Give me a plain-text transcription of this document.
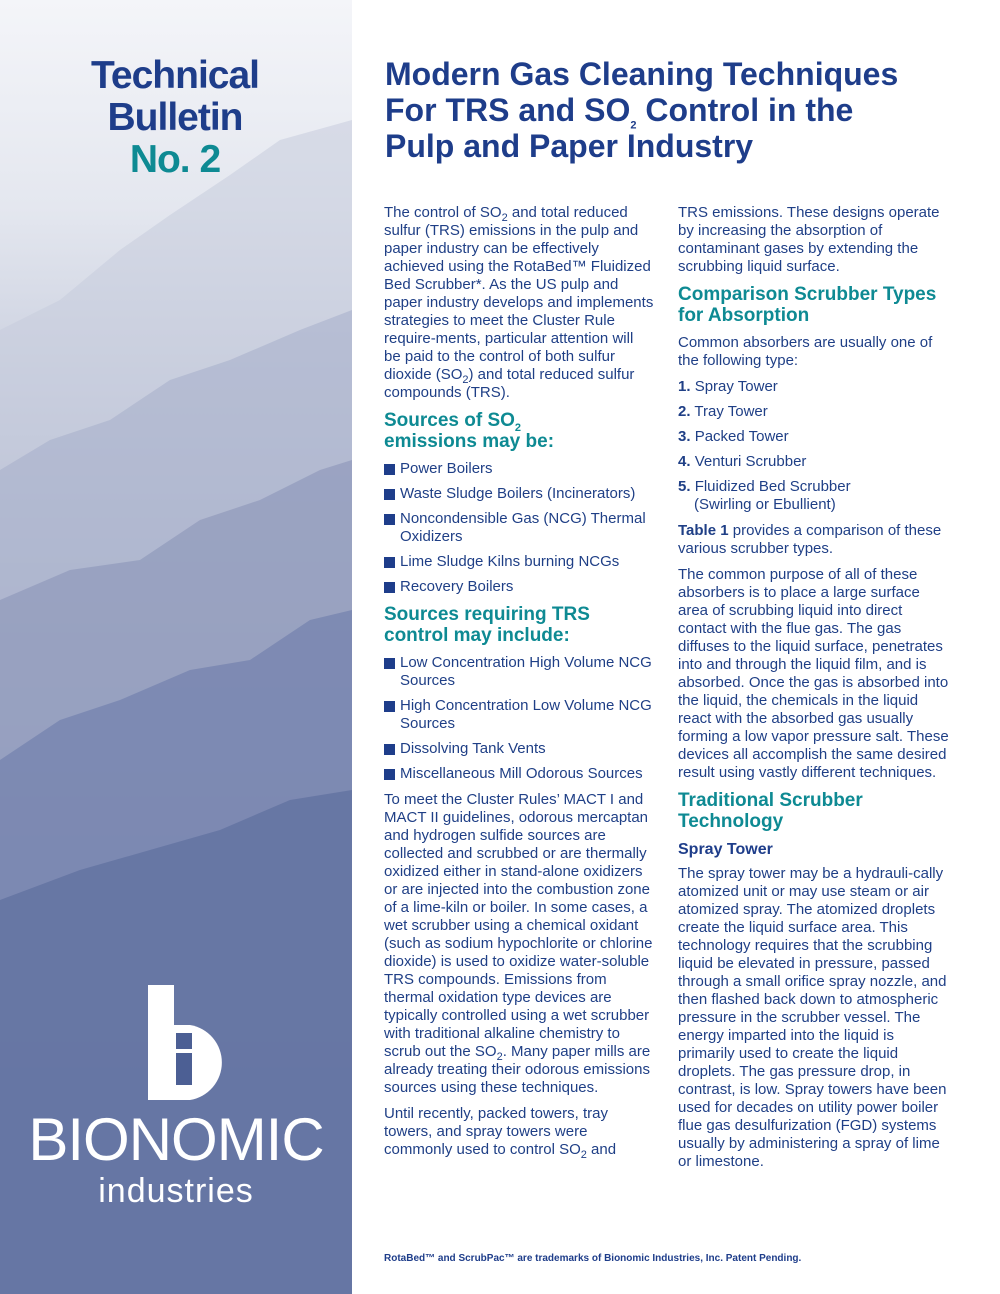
Technical
Bulletin
No. 2
BIONOMIC
industries
Modern Gas Cleaning Techniques
For TRS and $SO_2$ Control in the
Pulp and Paper Industry

The control of $SO_2$ and total reduced sulfur (TRS) emissions in the pulp and paper industry can be effectively achieved using the RotaBed™ Fluidized Bed Scrubber*. As the US pulp and paper industry develops and implements strategies to meet the Cluster Rule require-ments, particular attention will be paid to the control of both sulfur dioxide $(SO_2)$ and total reduced sulfur compounds (TRS).

Sources of $SO_2$
emissions may be:
Power Boilers
Waste Sludge Boilers (Incinerators)
Noncondensible Gas (NCG) Thermal Oxidizers
Lime Sludge Kilns burning NCGs
Recovery Boilers
Sources requiring TRS control may include:
Low Concentration High Volume NCG Sources
High Concentration Low Volume NCG Sources
Dissolving Tank Vents
Miscellaneous Mill Odorous Sources

To meet the Cluster Rules’ MACT I and MACT II guidelines, odorous mercaptan and hydrogen sulfide sources are collected and scrubbed or are thermally oxidized either in stand-alone oxidizers or are injected into the combustion zone of a lime-kiln or boiler. In some cases, a wet scrubber using a chemical oxidant (such as sodium hypochlorite or chlorine dioxide) is used to oxidize water-soluble TRS compounds. Emissions from thermal oxidation type devices are typically controlled using a wet scrubber with traditional alkaline chemistry to scrub out the $SO_2$. Many paper mills are already treating their odorous emissions sources using these techniques.

Until recently, packed towers, tray towers, and spray towers were commonly used to control $SO_2$ and

TRS emissions. These designs operate by increasing the absorption of contaminant gases by extending the scrubbing liquid surface.

Comparison Scrubber Types for Absorption

Common absorbers are usually one of the following type:

1. Spray Tower
2. Tray Tower
3. Packed Tower
4. Venturi Scrubber
5. Fluidized Bed Scrubber
(Swirling or Ebullient)

Table 1 provides a comparison of these various scrubber types.

The common purpose of all of these absorbers is to place a large surface area of scrubbing liquid into direct contact with the flue gas. The gas diffuses to the liquid surface, penetrates into and through the liquid film, and is absorbed. Once the gas is absorbed into the liquid, the chemicals in the liquid react with the absorbed gas usually forming a low vapor pressure salt. These devices all accomplish the same desired result using vastly different techniques.

Traditional Scrubber Technology
Spray Tower

The spray tower may be a hydrauli-cally atomized unit or may use steam or air atomized spray. The atomized droplets create the liquid surface area. This technology requires that the scrubbing liquid be elevated in pressure, passed through a small orifice spray nozzle, and then flashed back down to atmospheric pressure in the scrubber vessel. The energy imparted into the liquid is primarily used to create the liquid droplets. The gas pressure drop, in contrast, is low. Spray towers have been used for decades on utility power boiler flue gas desulfurization (FGD) systems usually by administering a spray of lime or limestone.

RotaBed™ and ScrubPac™ are trademarks of Bionomic Industries, Inc. Patent Pending.
